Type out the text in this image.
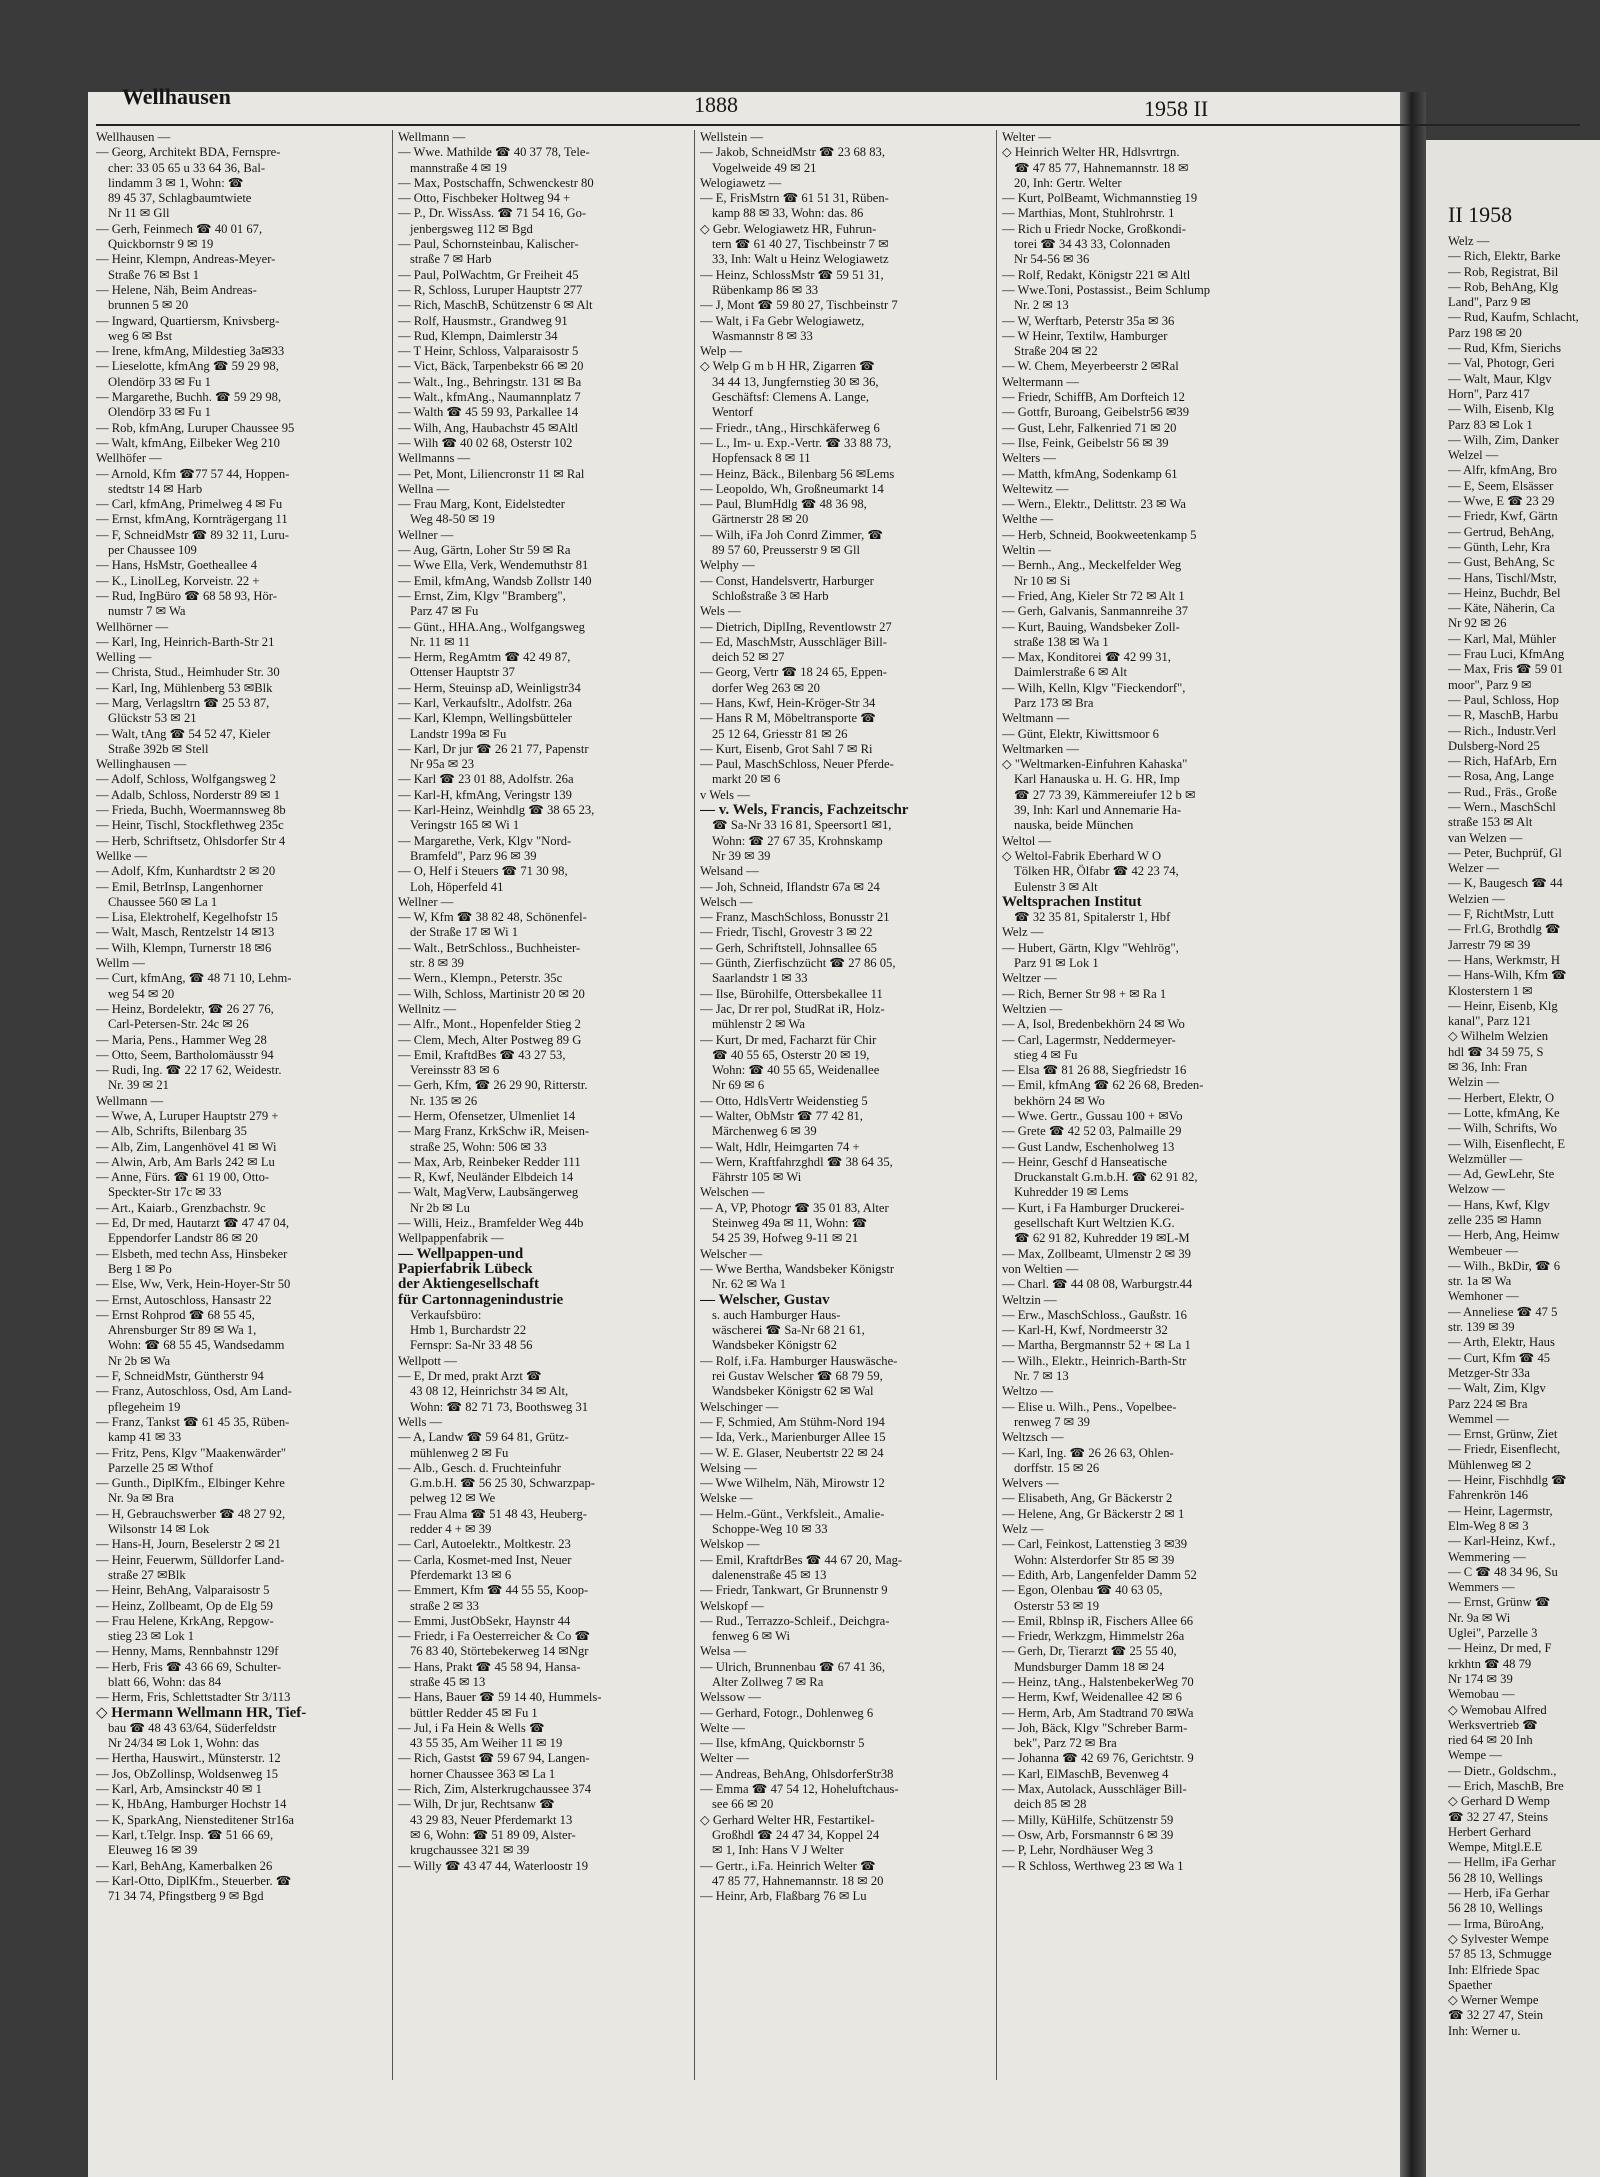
II 1958
Welz —
— Rich, Elektr, Barke
— Rob, Registrat, Bil
— Rob, BehAng, Klg
Land", Parz 9 ✉
— Rud, Kaufm, Schlacht,
Parz 198 ✉ 20
— Rud, Kfm, Sierichs
— Val, Photogr, Geri
— Walt, Maur, Klgv
Horn", Parz 417
— Wilh, Eisenb, Klg
Parz 83 ✉ Lok 1
— Wilh, Zim, Danker
Welzel —
— Alfr, kfmAng, Bro
— E, Seem, Elsässer
— Wwe, E ☎ 23 29
— Friedr, Kwf, Gärtn
— Gertrud, BehAng,
— Günth, Lehr, Kra
— Gust, BehAng, Sc
— Hans, Tischl/Mstr,
— Heinz, Buchdr, Bel
— Käte, Näherin, Ca
Nr 92 ✉ 26
— Karl, Mal, Mühler
— Frau Luci, KfmAng
— Max, Fris ☎ 59 01
moor", Parz 9 ✉
— Paul, Schloss, Hop
— R, MaschB, Harbu
— Rich., Industr.Verl
Dulsberg-Nord 25
— Rich, HafArb, Ern
— Rosa, Ang, Lange
— Rud., Fräs., Große
— Wern., MaschSchl
straße 153 ✉ Alt
van Welzen —
— Peter, Buchprüf, Gl
Welzer —
— K, Baugesch ☎ 44
Welzien —
— F, RichtMstr, Lutt
— Frl.G, Brothdlg ☎
Jarrestr 79 ✉ 39
— Hans, Werkmstr, H
— Hans-Wilh, Kfm ☎
Klosterstern 1 ✉
— Heinr, Eisenb, Klg
kanal", Parz 121
◇ Wilhelm Welzien
hdl ☎ 34 59 75, S
✉ 36, Inh: Fran
Welzin —
— Herbert, Elektr, O
— Lotte, kfmAng, Ke
— Wilh, Schrifts, Wo
— Wilh, Eisenflecht, E
Welzmüller —
— Ad, GewLehr, Ste
Welzow —
— Hans, Kwf, Klgv
zelle 235 ✉ Hamn
— Herb, Ang, Heimw
Wembeuer —
— Wilh., BkDir, ☎ 6
str. 1a ✉ Wa
Wemhoner —
— Anneliese ☎ 47 5
str. 139 ✉ 39
— Arth, Elektr, Haus
— Curt, Kfm ☎ 45
Metzger-Str 33a
— Walt, Zim, Klgv
Parz 224 ✉ Bra
Wemmel —
— Ernst, Grünw, Ziet
— Friedr, Eisenflecht,
Mühlenweg ✉ 2
— Heinr, Fischhdlg ☎
Fahrenkrön 146
— Heinr, Lagermstr,
Elm-Weg 8 ✉ 3
— Karl-Heinz, Kwf.,
Wemmering —
— C ☎ 48 34 96, Su
Wemmers —
— Ernst, Grünw ☎
Nr. 9a ✉ Wi
Uglei", Parzelle 3
— Heinz, Dr med, F
krkhtn ☎ 48 79
Nr 174 ✉ 39
Wemobau —
◇ Wemobau Alfred
Werksvertrieb ☎
ried 64 ✉ 20 Inh
Wempe —
— Dietr., Goldschm.,
— Erich, MaschB, Bre
◇ Gerhard D Wemp
☎ 32 27 47, Steins
Herbert Gerhard
Wempe, Mitgl.E.E
— Hellm, iFa Gerhar
56 28 10, Wellings
— Herb, iFa Gerhar
56 28 10, Wellings
— Irma, BüroAng,
◇ Sylvester Wempe
57 85 13, Schmugge
Inh: Elfriede Spac
Spaether
◇ Werner Wempe
☎ 32 27 47, Stein
Inh: Werner u.
Wellhausen	1888	1958 II
Wellhausen —
— Georg, Architekt BDA, Fernspre-
cher: 33 05 65 u 33 64 36, Bal-
lindamm 3 ✉ 1, Wohn: ☎
89 45 37, Schlagbaumtwiete
Nr 11 ✉ Gll
— Gerh, Feinmech ☎ 40 01 67,
Quickbornstr 9 ✉ 19
— Heinr, Klempn, Andreas-Meyer-
Straße 76 ✉ Bst 1
— Helene, Näh, Beim Andreas-
brunnen 5 ✉ 20
— Ingward, Quartiersm, Knivsberg-
weg 6 ✉ Bst
— Irene, kfmAng, Mildestieg 3a✉33
— Lieselotte, kfmAng ☎ 59 29 98,
Olendörp 33 ✉ Fu 1
— Margarethe, Buchh. ☎ 59 29 98,
Olendörp 33 ✉ Fu 1
— Rob, kfmAng, Luruper Chaussee 95
— Walt, kfmAng, Eilbeker Weg 210
Wellhöfer —
— Arnold, Kfm ☎77 57 44, Hoppen-
stedtstr 14 ✉ Harb
— Carl, kfmAng, Primelweg 4 ✉ Fu
— Ernst, kfmAng, Kornträgergang 11
— F, SchneidMstr ☎ 89 32 11, Luru-
per Chaussee 109
— Hans, HsMstr, Goetheallee 4
— K., LinolLeg, Korveistr. 22 +
— Rud, IngBüro ☎ 68 58 93, Hör-
numstr 7 ✉ Wa
Wellhörner —
— Karl, Ing, Heinrich-Barth-Str 21
Welling —
— Christa, Stud., Heimhuder Str. 30
— Karl, Ing, Mühlenberg 53 ✉Blk
— Marg, Verlagsltrn ☎ 25 53 87,
Glückstr 53 ✉ 21
— Walt, tAng ☎ 54 52 47, Kieler
Straße 392b ✉ Stell
Wellinghausen —
— Adolf, Schloss, Wolfgangsweg 2
— Adalb, Schloss, Norderstr 89 ✉ 1
— Frieda, Buchh, Woermannsweg 8b
— Heinr, Tischl, Stockflethweg 235c
— Herb, Schriftsetz, Ohlsdorfer Str 4
Wellke —
— Adolf, Kfm, Kunhardtstr 2 ✉ 20
— Emil, BetrInsp, Langenhorner
Chaussee 560 ✉ La 1
— Lisa, Elektrohelf, Kegelhofstr 15
— Walt, Masch, Rentzelstr 14 ✉13
— Wilh, Klempn, Turnerstr 18 ✉6
Wellm —
— Curt, kfmAng, ☎ 48 71 10, Lehm-
weg 54 ✉ 20
— Heinz, Bordelektr, ☎ 26 27 76,
Carl-Petersen-Str. 24c ✉ 26
— Maria, Pens., Hammer Weg 28
— Otto, Seem, Bartholomäusstr 94
— Rudi, Ing. ☎ 22 17 62, Weidestr.
Nr. 39 ✉ 21
Wellmann —
— Wwe, A, Luruper Hauptstr 279 +
— Alb, Schrifts, Bilenbarg 35
— Alb, Zim, Langenhövel 41 ✉ Wi
— Alwin, Arb, Am Barls 242 ✉ Lu
— Anne, Fürs. ☎ 61 19 00, Otto-
Speckter-Str 17c ✉ 33
— Art., Kaiarb., Grenzbachstr. 9c
— Ed, Dr med, Hautarzt ☎ 47 47 04,
Eppendorfer Landstr 86 ✉ 20
— Elsbeth, med techn Ass, Hinsbeker
Berg 1 ✉ Po
— Else, Ww, Verk, Hein-Hoyer-Str 50
— Ernst, Autoschloss, Hansastr 22
— Ernst Rohprod ☎ 68 55 45,
Ahrensburger Str 89 ✉ Wa 1,
Wohn: ☎ 68 55 45, Wandsedamm
Nr 2b ✉ Wa
— F, SchneidMstr, Güntherstr 94
— Franz, Autoschloss, Osd, Am Land-
pflegeheim 19
— Franz, Tankst ☎ 61 45 35, Rüben-
kamp 41 ✉ 33
— Fritz, Pens, Klgv "Maakenwärder"
Parzelle 25 ✉ Wthof
— Gunth., DiplKfm., Elbinger Kehre
Nr. 9a ✉ Bra
— H, Gebrauchswerber ☎ 48 27 92,
Wilsonstr 14 ✉ Lok
— Hans-H, Journ, Beselerstr 2 ✉ 21
— Heinr, Feuerwm, Sülldorfer Land-
straße 27 ✉Blk
— Heinr, BehAng, Valparaisostr 5
— Heinz, Zollbeamt, Op de Elg 59
— Frau Helene, KrkAng, Repgow-
stieg 23 ✉ Lok 1
— Henny, Mams, Rennbahnstr 129f
— Herb, Fris ☎ 43 66 69, Schulter-
blatt 66, Wohn: das 84
— Herm, Fris, Schlettstadter Str 3/113
◇ Hermann Wellmann HR, Tief-
bau ☎ 48 43 63/64, Süderfeldstr
Nr 24/34 ✉ Lok 1, Wohn: das
— Hertha, Hauswirt., Münsterstr. 12
— Jos, ObZollinsp, Woldsenweg 15
— Karl, Arb, Amsinckstr 40 ✉ 1
— K, HbAng, Hamburger Hochstr 14
— K, SparkAng, Niensteditener Str16a
— Karl, t.Telgr. Insp. ☎ 51 66 69,
Eleuweg 16 ✉ 39
— Karl, BehAng, Kamerbalken 26
— Karl-Otto, DiplKfm., Steuerber. ☎
71 34 74, Pfingstberg 9 ✉ Bgd
Wellmann —
— Wwe. Mathilde ☎ 40 37 78, Tele-
mannstraße 4 ✉ 19
— Max, Postschaffn, Schwenckestr 80
— Otto, Fischbeker Holtweg 94 +
— P., Dr. WissAss. ☎ 71 54 16, Go-
jenbergsweg 112 ✉ Bgd
— Paul, Schornsteinbau, Kalischer-
straße 7 ✉ Harb
— Paul, PolWachtm, Gr Freiheit 45
— R, Schloss, Luruper Hauptstr 277
— Rich, MaschB, Schützenstr 6 ✉ Alt
— Rolf, Hausmstr., Grandweg 91
— Rud, Klempn, Daimlerstr 34
— T Heinr, Schloss, Valparaisostr 5
— Vict, Bäck, Tarpenbekstr 66 ✉ 20
— Walt., Ing., Behringstr. 131 ✉ Ba
— Walt., kfmAng., Naumannplatz 7
— Walth ☎ 45 59 93, Parkallee 14
— Wilh, Ang, Haubachstr 45 ✉Altl
— Wilh ☎ 40 02 68, Osterstr 102
Wellmanns —
— Pet, Mont, Liliencronstr 11 ✉ Ral
Wellna —
— Frau Marg, Kont, Eidelstedter
Weg 48-50 ✉ 19
Wellner —
— Aug, Gärtn, Loher Str 59 ✉ Ra
— Wwe Ella, Verk, Wendemuthstr 81
— Emil, kfmAng, Wandsb Zollstr 140
— Ernst, Zim, Klgv "Bramberg",
Parz 47 ✉ Fu
— Günt., HHA.Ang., Wolfgangsweg
Nr. 11 ✉ 11
— Herm, RegAmtm ☎ 42 49 87,
Ottenser Hauptstr 37
— Herm, Steuinsp aD, Weinligstr34
— Karl, Verkaufsltr., Adolfstr. 26a
— Karl, Klempn, Wellingsbütteler
Landstr 199a ✉ Fu
— Karl, Dr jur ☎ 26 21 77, Papenstr
Nr 95a ✉ 23
— Karl ☎ 23 01 88, Adolfstr. 26a
— Karl-H, kfmAng, Veringstr 139
— Karl-Heinz, Weinhdlg ☎ 38 65 23,
Veringstr 165 ✉ Wi 1
— Margarethe, Verk, Klgv "Nord-
Bramfeld", Parz 96 ✉ 39
— O, Helf i Steuers ☎ 71 30 98,
Loh, Höperfeld 41
Wellner —
— W, Kfm ☎ 38 82 48, Schönenfel-
der Straße 17 ✉ Wi 1
— Walt., BetrSchloss., Buchheister-
str. 8 ✉ 39
— Wern., Klempn., Peterstr. 35c
— Wilh, Schloss, Martinistr 20 ✉ 20
Wellnitz —
— Alfr., Mont., Hopenfelder Stieg 2
— Clem, Mech, Alter Postweg 89 G
— Emil, KraftdBes ☎ 43 27 53,
Vereinsstr 83 ✉ 6
— Gerh, Kfm, ☎ 26 29 90, Ritterstr.
Nr. 135 ✉ 26
— Herm, Ofensetzer, Ulmenliet 14
— Marg Franz, KrkSchw iR, Meisen-
straße 25, Wohn: 506 ✉ 33
— Max, Arb, Reinbeker Redder 111
— R, Kwf, Neuländer Elbdeich 14
— Walt, MagVerw, Laubsängerweg
Nr 2b ✉ Lu
— Willi, Heiz., Bramfelder Weg 44b
Wellpappenfabrik —
— Wellpappen-und
Papierfabrik Lübeck
der Aktiengesellschaft
für Cartonnagenindustrie
Verkaufsbüro:
Hmb 1, Burchardstr 22
Fernspr: Sa-Nr 33 48 56
Wellpott —
— E, Dr med, prakt Arzt ☎
43 08 12, Heinrichstr 34 ✉ Alt,
Wohn: ☎ 82 71 73, Boothsweg 31
Wells —
— A, Landw ☎ 59 64 81, Grütz-
mühlenweg 2 ✉ Fu
— Alb., Gesch. d. Fruchteinfuhr
G.m.b.H. ☎ 56 25 30, Schwarzpap-
pelweg 12 ✉ We
— Frau Alma ☎ 51 48 43, Heuberg-
redder 4 + ✉ 39
— Carl, Autoelektr., Moltkestr. 23
— Carla, Kosmet-med Inst, Neuer
Pferdemarkt 13 ✉ 6
— Emmert, Kfm ☎ 44 55 55, Koop-
straße 2 ✉ 33
— Emmi, JustObSekr, Haynstr 44
— Friedr, i Fa Oesterreicher & Co ☎
76 83 40, Störtebekerweg 14 ✉Ngr
— Hans, Prakt ☎ 45 58 94, Hansa-
straße 45 ✉ 13
— Hans, Bauer ☎ 59 14 40, Hummels-
büttler Redder 45 ✉ Fu 1
— Jul, i Fa Hein & Wells ☎
43 55 35, Am Weiher 11 ✉ 19
— Rich, Gastst ☎ 59 67 94, Langen-
horner Chaussee 363 ✉ La 1
— Rich, Zim, Alsterkrugchaussee 374
— Wilh, Dr jur, Rechtsanw ☎
43 29 83, Neuer Pferdemarkt 13
✉ 6, Wohn: ☎ 51 89 09, Alster-
krugchaussee 321 ✉ 39
— Willy ☎ 43 47 44, Waterloostr 19
Wellstein —
— Jakob, SchneidMstr ☎ 23 68 83,
Vogelweide 49 ✉ 21
Welogiawetz —
— E, FrisMstrn ☎ 61 51 31, Rüben-
kamp 88 ✉ 33, Wohn: das. 86
◇ Gebr. Welogiawetz HR, Fuhrun-
tern ☎ 61 40 27, Tischbeinstr 7 ✉
33, Inh: Walt u Heinz Welogiawetz
— Heinz, SchlossMstr ☎ 59 51 31,
Rübenkamp 86 ✉ 33
— J, Mont ☎ 59 80 27, Tischbeinstr 7
— Walt, i Fa Gebr Welogiawetz,
Wasmannstr 8 ✉ 33
Welp —
◇ Welp G m b H HR, Zigarren ☎
34 44 13, Jungfernstieg 30 ✉ 36,
Geschäftsf: Clemens A. Lange,
Wentorf
— Friedr., tAng., Hirschkäferweg 6
— L., Im- u. Exp.-Vertr. ☎ 33 88 73,
Hopfensack 8 ✉ 11
— Heinz, Bäck., Bilenbarg 56 ✉Lems
— Leopoldo, Wh, Großneumarkt 14
— Paul, BlumHdlg ☎ 48 36 98,
Gärtnerstr 28 ✉ 20
— Wilh, iFa Joh Conrd Zimmer, ☎
89 57 60, Preusserstr 9 ✉ Gll
Welphy —
— Const, Handelsvertr, Harburger
Schloßstraße 3 ✉ Harb
Wels —
— Dietrich, DiplIng, Reventlowstr 27
— Ed, MaschMstr, Ausschläger Bill-
deich 52 ✉ 27
— Georg, Vertr ☎ 18 24 65, Eppen-
dorfer Weg 263 ✉ 20
— Hans, Kwf, Hein-Kröger-Str 34
— Hans R M, Möbeltransporte ☎
25 12 64, Griesstr 81 ✉ 26
— Kurt, Eisenb, Grot Sahl 7 ✉ Ri
— Paul, MaschSchloss, Neuer Pferde-
markt 20 ✉ 6
v Wels —
— v. Wels, Francis, Fachzeitschr
☎ Sa-Nr 33 16 81, Speersort1 ✉1,
Wohn: ☎ 27 67 35, Krohnskamp
Nr 39 ✉ 39
Welsand —
— Joh, Schneid, Iflandstr 67a ✉ 24
Welsch —
— Franz, MaschSchloss, Bonusstr 21
— Friedr, Tischl, Grovestr 3 ✉ 22
— Gerh, Schriftstell, Johnsallee 65
— Günth, Zierfischzücht ☎ 27 86 05,
Saarlandstr 1 ✉ 33
— Ilse, Bürohilfe, Ottersbekallee 11
— Jac, Dr rer pol, StudRat iR, Holz-
mühlenstr 2 ✉ Wa
— Kurt, Dr med, Facharzt für Chir
☎ 40 55 65, Osterstr 20 ✉ 19,
Wohn: ☎ 40 55 65, Weidenallee
Nr 69 ✉ 6
— Otto, HdlsVertr Weidenstieg 5
— Walter, ObMstr ☎ 77 42 81,
Märchenweg 6 ✉ 39
— Walt, Hdlr, Heimgarten 74 +
— Wern, Kraftfahrzghdl ☎ 38 64 35,
Fährstr 105 ✉ Wi
Welschen —
— A, VP, Photogr ☎ 35 01 83, Alter
Steinweg 49a ✉ 11, Wohn: ☎
54 25 39, Hofweg 9-11 ✉ 21
Welscher —
— Wwe Bertha, Wandsbeker Königstr
Nr. 62 ✉ Wa 1
— Welscher, Gustav
s. auch Hamburger Haus-
wäscherei ☎ Sa-Nr 68 21 61,
Wandsbeker Königstr 62
— Rolf, i.Fa. Hamburger Hauswäsche-
rei Gustav Welscher ☎ 68 79 59,
Wandsbeker Königstr 62 ✉ Wal
Welschinger —
— F, Schmied, Am Stühm-Nord 194
— Ida, Verk., Marienburger Allee 15
— W. E. Glaser, Neubertstr 22 ✉ 24
Welsing —
— Wwe Wilhelm, Näh, Mirowstr 12
Welske —
— Helm.-Günt., Verkfsleit., Amalie-
Schoppe-Weg 10 ✉ 33
Welskop —
— Emil, KraftdrBes ☎ 44 67 20, Mag-
dalenenstraße 45 ✉ 13
— Friedr, Tankwart, Gr Brunnenstr 9
Welskopf —
— Rud., Terrazzo-Schleif., Deichgra-
fenweg 6 ✉ Wi
Welsa —
— Ulrich, Brunnenbau ☎ 67 41 36,
Alter Zollweg 7 ✉ Ra
Welssow —
— Gerhard, Fotogr., Dohlenweg 6
Welte —
— Ilse, kfmAng, Quickbornstr 5
Welter —
— Andreas, BehAng, OhlsdorferStr38
— Emma ☎ 47 54 12, Hoheluftchaus-
see 66 ✉ 20
◇ Gerhard Welter HR, Festartikel-
Großhdl ☎ 24 47 34, Koppel 24
✉ 1, Inh: Hans V J Welter
— Gertr., i.Fa. Heinrich Welter ☎
47 85 77, Hahnemannstr. 18 ✉ 20
— Heinr, Arb, Flaßbarg 76 ✉ Lu
Welter —
◇ Heinrich Welter HR, Hdlsvrtrgn.
☎ 47 85 77, Hahnemannstr. 18 ✉
20, Inh: Gertr. Welter
— Kurt, PolBeamt, Wichmannstieg 19
— Marthias, Mont, Stuhlrohrstr. 1
— Rich u Friedr Nocke, Großkondi-
torei ☎ 34 43 33, Colonnaden
Nr 54-56 ✉ 36
— Rolf, Redakt, Königstr 221 ✉ Altl
— Wwe.Toni, Postassist., Beim Schlump
Nr. 2 ✉ 13
— W, Werftarb, Peterstr 35a ✉ 36
— W Heinr, Textilw, Hamburger
Straße 204 ✉ 22
— W. Chem, Meyerbeerstr 2 ✉Ral
Weltermann —
— Friedr, SchiffB, Am Dorfteich 12
— Gottfr, Buroang, Geibelstr56 ✉39
— Gust, Lehr, Falkenried 71 ✉ 20
— Ilse, Feink, Geibelstr 56 ✉ 39
Welters —
— Matth, kfmAng, Sodenkamp 61
Weltewitz —
— Wern., Elektr., Delittstr. 23 ✉ Wa
Welthe —
— Herb, Schneid, Bookweetenkamp 5
Weltin —
— Bernh., Ang., Meckelfelder Weg
Nr 10 ✉ Si
— Fried, Ang, Kieler Str 72 ✉ Alt 1
— Gerh, Galvanis, Sanmannreihe 37
— Kurt, Bauing, Wandsbeker Zoll-
straße 138 ✉ Wa 1
— Max, Konditorei ☎ 42 99 31,
Daimlerstraße 6 ✉ Alt
— Wilh, Kelln, Klgv "Fieckendorf",
Parz 173 ✉ Bra
Weltmann —
— Günt, Elektr, Kiwittsmoor 6
Weltmarken —
◇ "Weltmarken-Einfuhren Kahaska"
Karl Hanauska u. H. G. HR, Imp
☎ 27 73 39, Kämmereiufer 12 b ✉
39, Inh: Karl und Annemarie Ha-
nauska, beide München
Weltol —
◇ Weltol-Fabrik Eberhard W O
Tölken HR, Ölfabr ☎ 42 23 74,
Eulenstr 3 ✉ Alt
Weltsprachen Institut
☎ 32 35 81, Spitalerstr 1, Hbf
Welz —
— Hubert, Gärtn, Klgv "Wehlrög",
Parz 91 ✉ Lok 1
Weltzer —
— Rich, Berner Str 98 + ✉ Ra 1
Weltzien —
— A, Isol, Bredenbekhörn 24 ✉ Wo
— Carl, Lagermstr, Neddermeyer-
stieg 4 ✉ Fu
— Elsa ☎ 81 26 88, Siegfriedstr 16
— Emil, kfmAng ☎ 62 26 68, Breden-
bekhörn 24 ✉ Wo
— Wwe. Gertr., Gussau 100 + ✉Vo
— Grete ☎ 42 52 03, Palmaille 29
— Gust Landw, Eschenholweg 13
— Heinr, Geschf d Hanseatische
Druckanstalt G.m.b.H. ☎ 62 91 82,
Kuhredder 19 ✉ Lems
— Kurt, i Fa Hamburger Druckerei-
gesellschaft Kurt Weltzien K.G.
☎ 62 91 82, Kuhredder 19 ✉L-M
— Max, Zollbeamt, Ulmenstr 2 ✉ 39
von Weltien —
— Charl. ☎ 44 08 08, Warburgstr.44
Weltzin —
— Erw., MaschSchloss., Gaußstr. 16
— Karl-H, Kwf, Nordmeerstr 32
— Martha, Bergmannstr 52 + ✉ La 1
— Wilh., Elektr., Heinrich-Barth-Str
Nr. 7 ✉ 13
Weltzo —
— Elise u. Wilh., Pens., Vopelbee-
renweg 7 ✉ 39
Weltzsch —
— Karl, Ing. ☎ 26 26 63, Ohlen-
dorffstr. 15 ✉ 26
Welvers —
— Elisabeth, Ang, Gr Bäckerstr 2
— Helene, Ang, Gr Bäckerstr 2 ✉ 1
Welz —
— Carl, Feinkost, Lattenstieg 3 ✉39
Wohn: Alsterdorfer Str 85 ✉ 39
— Edith, Arb, Langenfelder Damm 52
— Egon, Olenbau ☎ 40 63 05,
Osterstr 53 ✉ 19
— Emil, Rblnsp iR, Fischers Allee 66
— Friedr, Werkzgm, Himmelstr 26a
— Gerh, Dr, Tierarzt ☎ 25 55 40,
Mundsburger Damm 18 ✉ 24
— Heinz, tAng., HalstenbekerWeg 70
— Herm, Kwf, Weidenallee 42 ✉ 6
— Herm, Arb, Am Stadtrand 70 ✉Wa
— Joh, Bäck, Klgv "Schreber Barm-
bek", Parz 72 ✉ Bra
— Johanna ☎ 42 69 76, Gerichtstr. 9
— Karl, ElMaschB, Bevenweg 4
— Max, Autolack, Ausschläger Bill-
deich 85 ✉ 28
— Milly, KüHilfe, Schützenstr 59
— Osw, Arb, Forsmannstr 6 ✉ 39
— P, Lehr, Nordhäuser Weg 3
— R Schloss, Werthweg 23 ✉ Wa 1
